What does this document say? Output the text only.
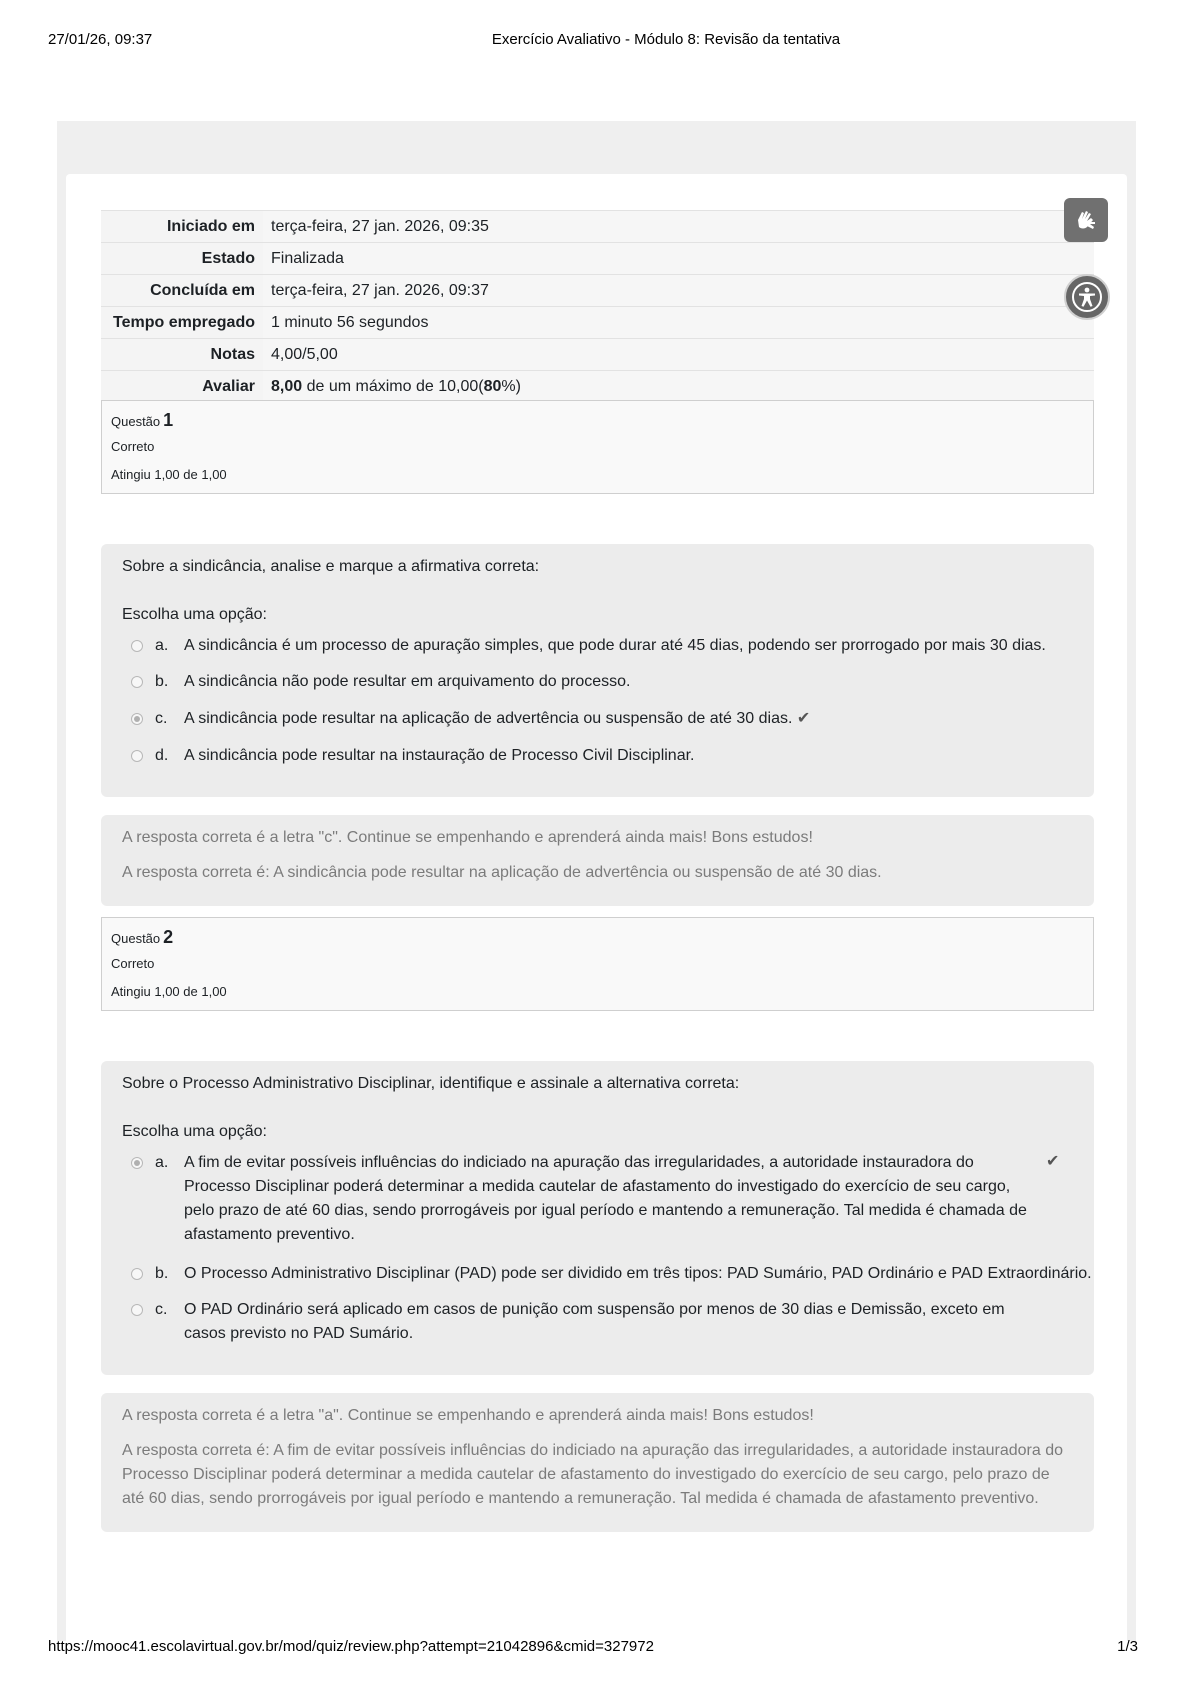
27/01/26, 09:37	Exercício Avaliativo - Módulo 8: Revisão da tentativa
Iniciado em	terça-feira, 27 jan. 2026, 09:35
Estado	Finalizada
Concluída em	terça-feira, 27 jan. 2026, 09:37
Tempo empregado	1 minuto 56 segundos
Notas	4,00/5,00
Avaliar	8,00 de um máximo de 10,00(80%)
Questão 1
Correto
Atingiu 1,00 de 1,00
Sobre a sindicância, analise e marque a afirmativa correta:
Escolha uma opção:
a. A sindicância é um processo de apuração simples, que pode durar até 45 dias, podendo ser prorrogado por mais 30 dias.
b. A sindicância não pode resultar em arquivamento do processo.
c. A sindicância pode resultar na aplicação de advertência ou suspensão de até 30 dias. ✔
d. A sindicância pode resultar na instauração de Processo Civil Disciplinar.
A resposta correta é a letra "c". Continue se empenhando e aprenderá ainda mais! Bons estudos!
A resposta correta é: A sindicância pode resultar na aplicação de advertência ou suspensão de até 30 dias.
Questão 2
Correto
Atingiu 1,00 de 1,00
Sobre o Processo Administrativo Disciplinar, identifique e assinale a alternativa correta:
Escolha uma opção:
a. A fim de evitar possíveis influências do indiciado na apuração das irregularidades, a autoridade instauradora do Processo Disciplinar poderá determinar a medida cautelar de afastamento do investigado do exercício de seu cargo, pelo prazo de até 60 dias, sendo prorrogáveis por igual período e mantendo a remuneração. Tal medida é chamada de afastamento preventivo.
✔
b. O Processo Administrativo Disciplinar (PAD) pode ser dividido em três tipos: PAD Sumário, PAD Ordinário e PAD Extraordinário.
c. O PAD Ordinário será aplicado em casos de punição com suspensão por menos de 30 dias e Demissão, exceto em casos previsto no PAD Sumário.
A resposta correta é a letra "a". Continue se empenhando e aprenderá ainda mais! Bons estudos!
A resposta correta é: A fim de evitar possíveis influências do indiciado na apuração das irregularidades, a autoridade instauradora do Processo Disciplinar poderá determinar a medida cautelar de afastamento do investigado do exercício de seu cargo, pelo prazo de até 60 dias, sendo prorrogáveis por igual período e mantendo a remuneração. Tal medida é chamada de afastamento preventivo.
https://mooc41.escolavirtual.gov.br/mod/quiz/review.php?attempt=21042896&cmid=327972	1/3
